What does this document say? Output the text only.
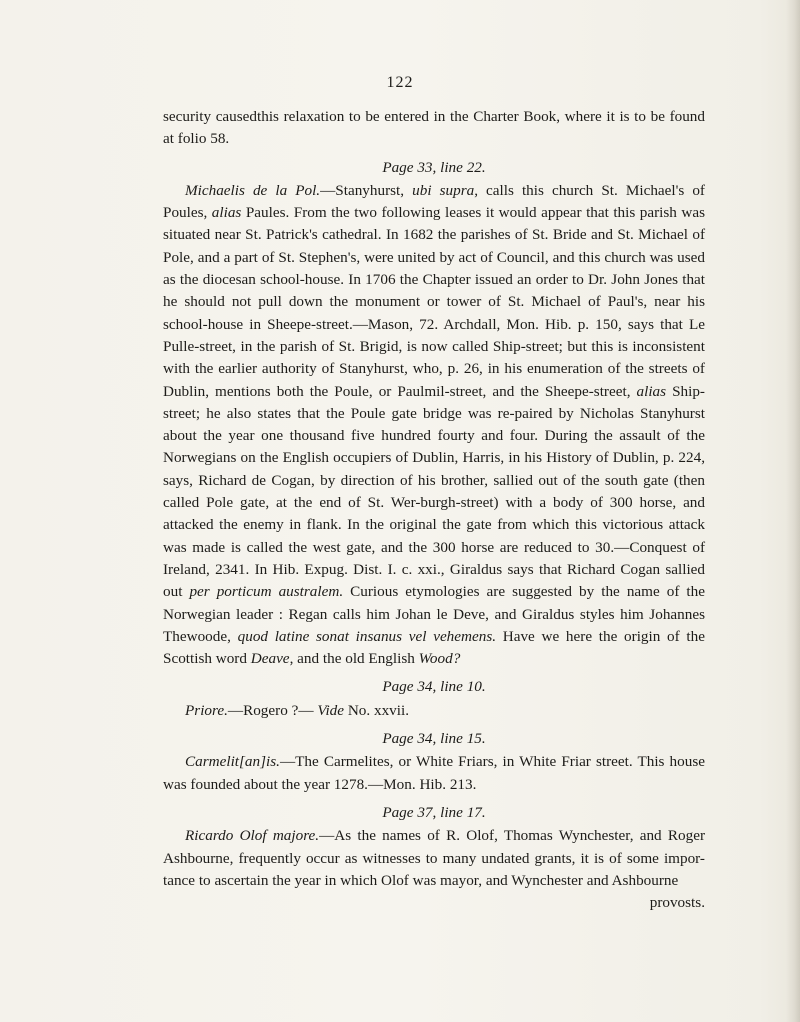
122

security causedthis relaxation to be entered in the Charter Book, where it is to be found at folio 58.

Page 33, line 22.

Michaelis de la Pol.—Stanyhurst, ubi supra, calls this church St. Michael's of Poules, alias Paules. From the two following leases it would appear that this parish was situated near St. Patrick's cathedral. In 1682 the parishes of St. Bride and St. Michael of Pole, and a part of St. Stephen's, were united by act of Council, and this church was used as the diocesan school-house. In 1706 the Chapter issued an order to Dr. John Jones that he should not pull down the monument or tower of St. Michael of Paul's, near his school-house in Sheepe-street.—Mason, 72. Archdall, Mon. Hib. p. 150, says that Le Pulle-street, in the parish of St. Brigid, is now called Ship-street; but this is inconsistent with the earlier authority of Stanyhurst, who, p. 26, in his enumeration of the streets of Dublin, mentions both the Poule, or Paulmil-street, and the Sheepe-street, alias Ship-street; he also states that the Poule gate bridge was re-paired by Nicholas Stanyhurst about the year one thousand five hundred fourty and four. During the assault of the Norwegians on the English occupiers of Dublin, Harris, in his History of Dublin, p. 224, says, Richard de Cogan, by direction of his brother, sallied out of the south gate (then called Pole gate, at the end of St. Wer-burgh-street) with a body of 300 horse, and attacked the enemy in flank. In the original the gate from which this victorious attack was made is called the west gate, and the 300 horse are reduced to 30.—Conquest of Ireland, 2341. In Hib. Expug. Dist. I. c. xxi., Giraldus says that Richard Cogan sallied out per porticum australem. Curious etymologies are suggested by the name of the Norwegian leader : Regan calls him Johan le Deve, and Giraldus styles him Johannes Thewoode, quod latine sonat insanus vel vehemens. Have we here the origin of the Scottish word Deave, and the old English Wood?

Page 34, line 10.

Priore.—Rogero ?— Vide No. xxvii.

Page 34, line 15.

Carmelit[an]is.—The Carmelites, or White Friars, in White Friar street. This house was founded about the year 1278.—Mon. Hib. 213.

Page 37, line 17.

Ricardo Olof majore.—As the names of R. Olof, Thomas Wynchester, and Roger Ashbourne, frequently occur as witnesses to many undated grants, it is of some impor-tance to ascertain the year in which Olof was mayor, and Wynchester and Ashbourne

provosts.
